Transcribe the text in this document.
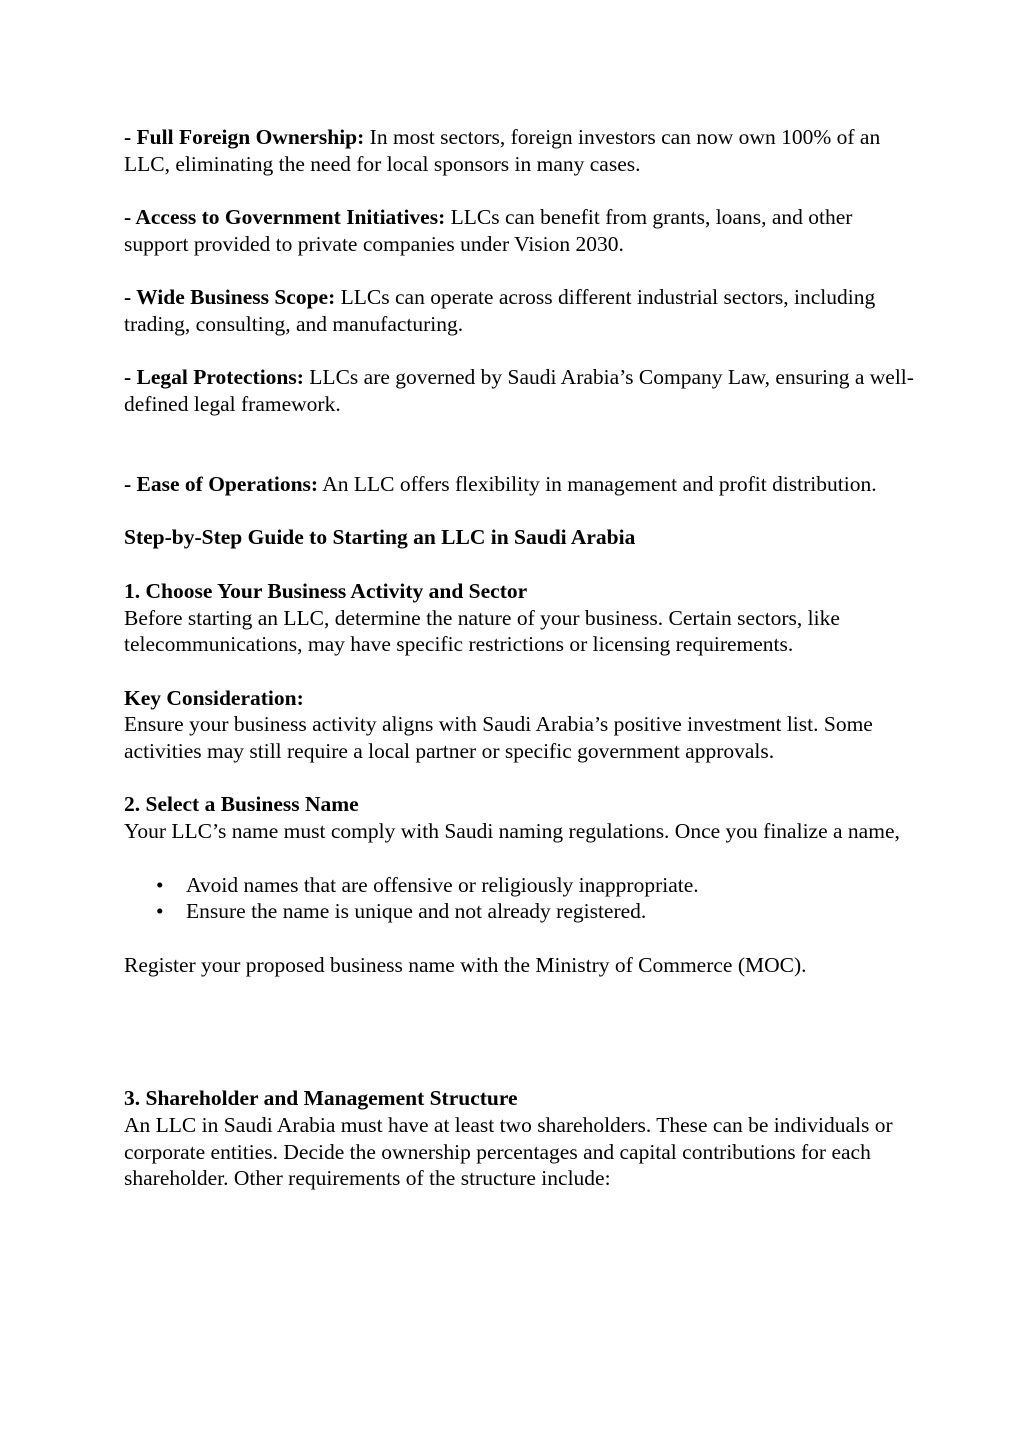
- Full Foreign Ownership: In most sectors, foreign investors can now own 100% of an LLC, eliminating the need for local sponsors in many cases.

- Access to Government Initiatives: LLCs can benefit from grants, loans, and other support provided to private companies under Vision 2030.

- Wide Business Scope: LLCs can operate across different industrial sectors, including trading, consulting, and manufacturing.

- Legal Protections: LLCs are governed by Saudi Arabia’s Company Law, ensuring a well-defined legal framework.

- Ease of Operations: An LLC offers flexibility in management and profit distribution.

Step-by-Step Guide to Starting an LLC in Saudi Arabia

1. Choose Your Business Activity and Sector

Before starting an LLC, determine the nature of your business. Certain sectors, like telecommunications, may have specific restrictions or licensing requirements.

Key Consideration:

Ensure your business activity aligns with Saudi Arabia’s positive investment list. Some activities may still require a local partner or specific government approvals.

2. Select a Business Name

Your LLC’s name must comply with Saudi naming regulations. Once you finalize a name,

• Avoid names that are offensive or religiously inappropriate.
• Ensure the name is unique and not already registered.

Register your proposed business name with the Ministry of Commerce (MOC).

3. Shareholder and Management Structure

An LLC in Saudi Arabia must have at least two shareholders. These can be individuals or corporate entities. Decide the ownership percentages and capital contributions for each shareholder. Other requirements of the structure include:
